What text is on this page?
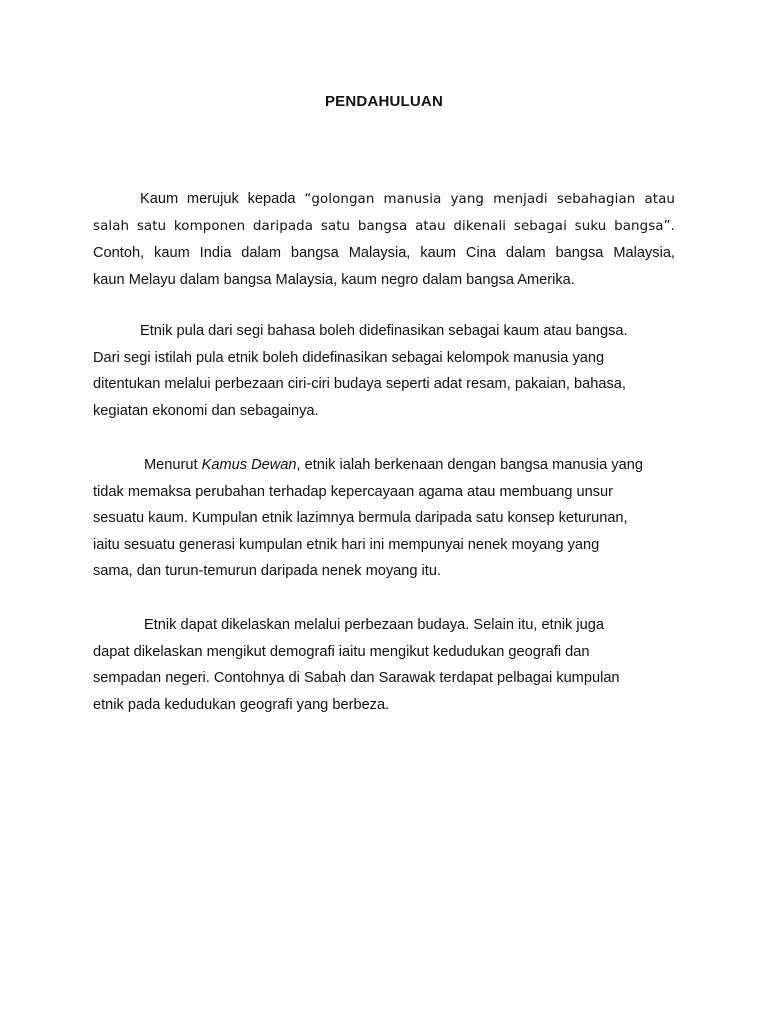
PENDAHULUAN
Kaum merujuk kepada “golongan manusia yang menjadi sebahagian atau
salah satu komponen daripada satu bangsa atau dikenali sebagai suku bangsa”.
Contoh, kaum India dalam bangsa Malaysia, kaum Cina dalam bangsa Malaysia,
kaun Melayu dalam bangsa Malaysia, kaum negro dalam bangsa Amerika.
Etnik pula dari segi bahasa boleh didefinasikan sebagai kaum atau bangsa.
Dari segi istilah pula etnik boleh didefinasikan sebagai kelompok manusia yang
ditentukan melalui perbezaan ciri-ciri budaya seperti adat resam, pakaian, bahasa,
kegiatan ekonomi dan sebagainya.
Menurut Kamus Dewan, etnik ialah berkenaan dengan bangsa manusia yang
tidak memaksa perubahan terhadap kepercayaan agama atau membuang unsur
sesuatu kaum. Kumpulan etnik lazimnya bermula daripada satu konsep keturunan,
iaitu sesuatu generasi kumpulan etnik hari ini mempunyai nenek moyang yang
sama, dan turun-temurun daripada nenek moyang itu.
Etnik dapat dikelaskan melalui perbezaan budaya. Selain itu, etnik juga
dapat dikelaskan mengikut demografi iaitu mengikut kedudukan geografi dan
sempadan negeri. Contohnya di Sabah dan Sarawak terdapat pelbagai kumpulan
etnik pada kedudukan geografi yang berbeza.
